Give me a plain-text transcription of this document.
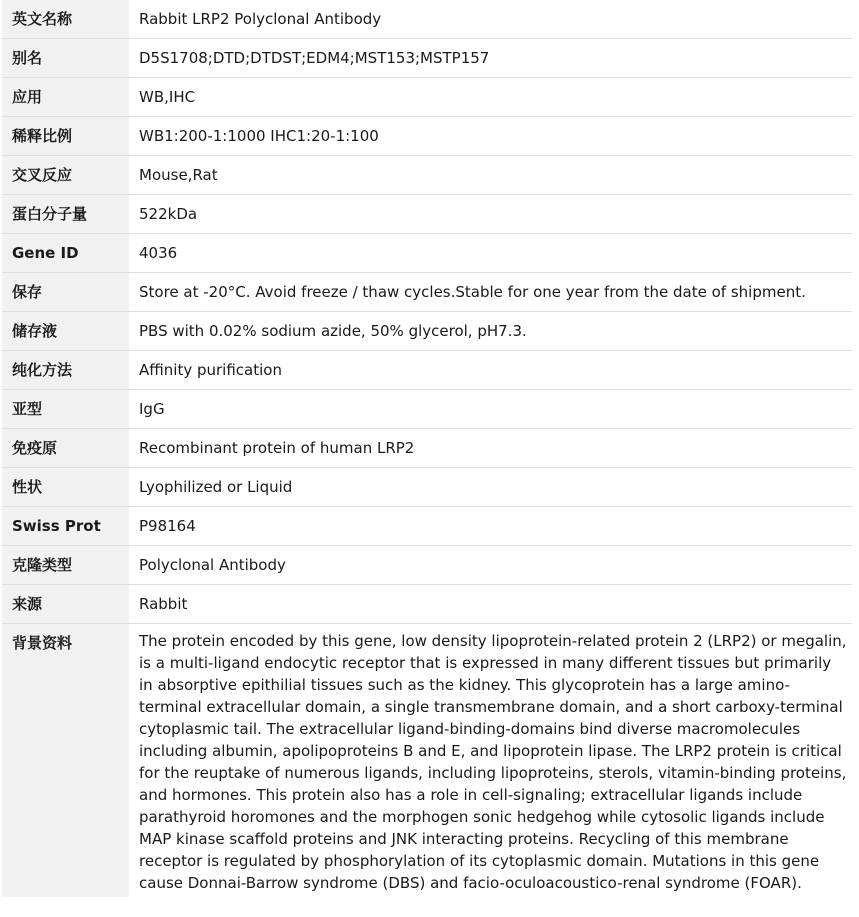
英文名称	Rabbit LRP2 Polyclonal Antibody
别名	D5S1708;DTD;DTDST;EDM4;MST153;MSTP157
应用	WB,IHC
稀释比例	WB1:200-1:1000 IHC1:20-1:100
交叉反应	Mouse,Rat
蛋白分子量	522kDa
Gene ID	4036
保存	Store at -20°C. Avoid freeze / thaw cycles.Stable for one year from the date of shipment.
储存液	PBS with 0.02% sodium azide, 50% glycerol, pH7.3.
纯化方法	Affinity purification
亚型	IgG
免疫原	Recombinant protein of human LRP2
性状	Lyophilized or Liquid
Swiss Prot	P98164
克隆类型	Polyclonal Antibody
来源	Rabbit
背景资料	The protein encoded by this gene, low density lipoprotein-related protein 2 (LRP2) or megalin, is a multi-ligand endocytic receptor that is expressed in many different tissues but primarily in absorptive epithilial tissues such as the kidney. This glycoprotein has a large amino-terminal extracellular domain, a single transmembrane domain, and a short carboxy-terminal cytoplasmic tail. The extracellular ligand-binding-domains bind diverse macromolecules including albumin, apolipoproteins B and E, and lipoprotein lipase. The LRP2 protein is critical for the reuptake of numerous ligands, including lipoproteins, sterols, vitamin-binding proteins, and hormones. This protein also has a role in cell-signaling; extracellular ligands include parathyroid horomones and the morphogen sonic hedgehog while cytosolic ligands include MAP kinase scaffold proteins and JNK interacting proteins. Recycling of this membrane receptor is regulated by phosphorylation of its cytoplasmic domain. Mutations in this gene cause Donnai-Barrow syndrome (DBS) and facio-oculoacoustico-renal syndrome (FOAR).
